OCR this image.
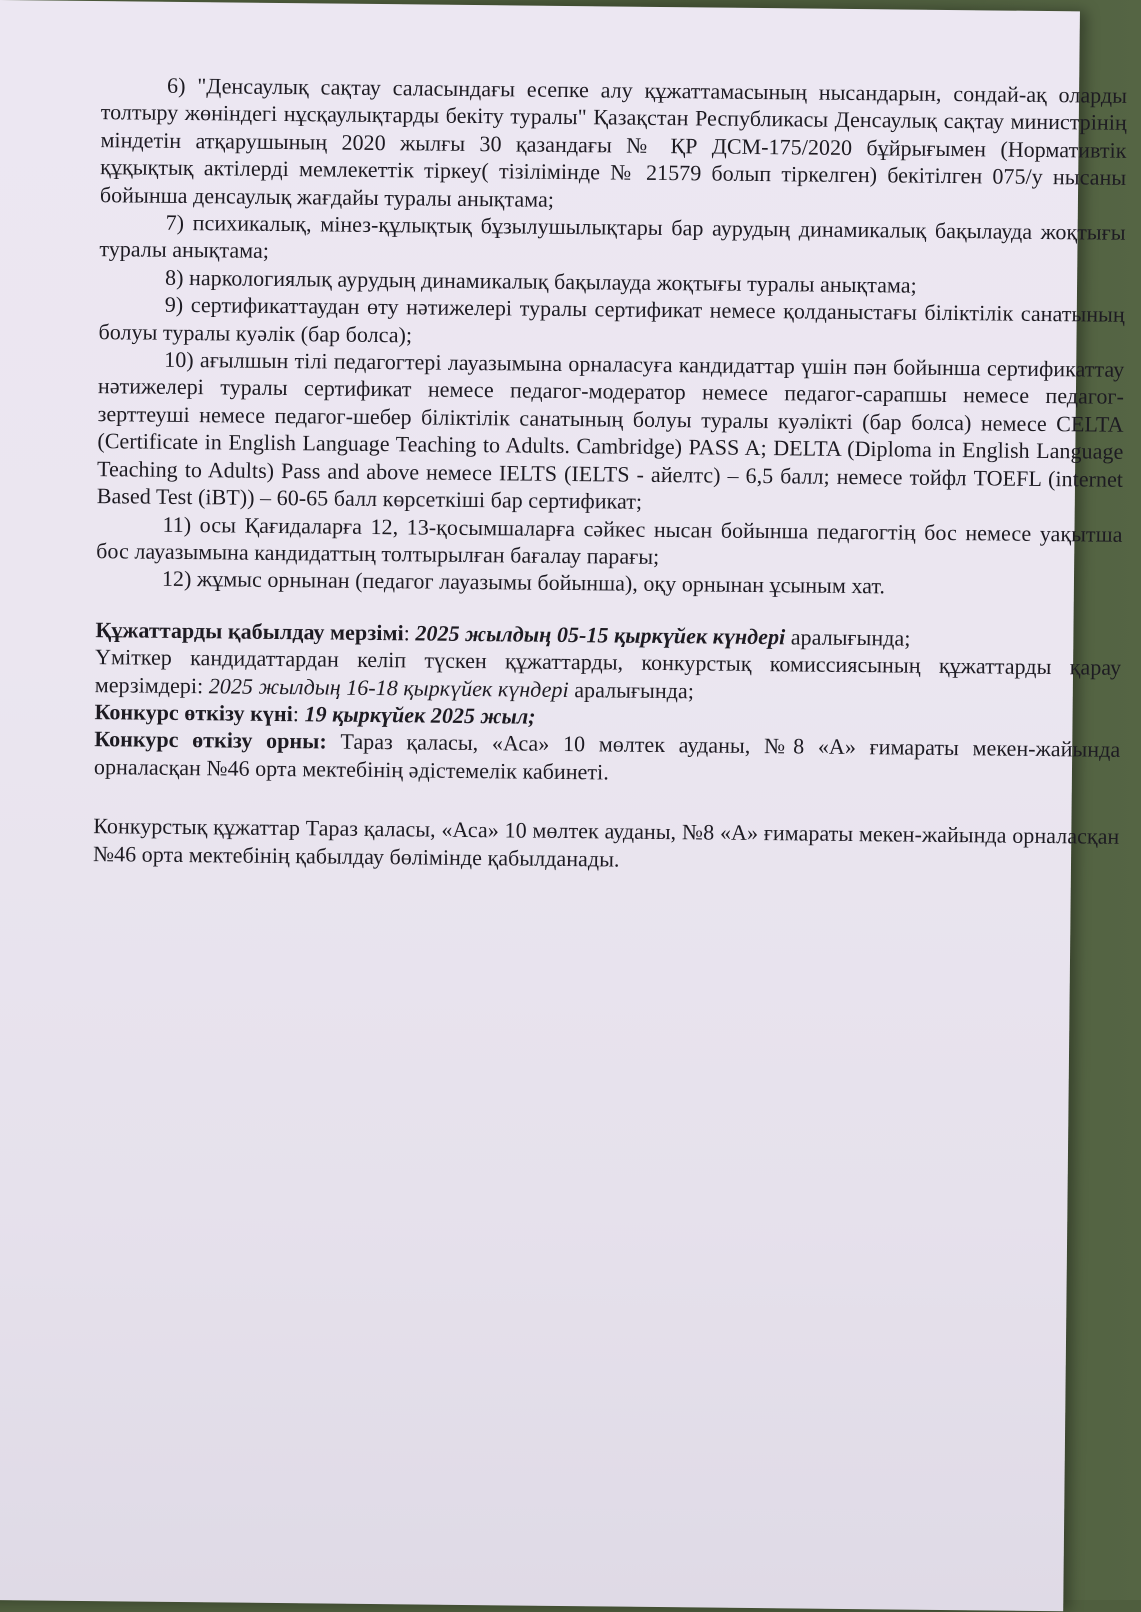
6) "Денсаулық сақтау саласындағы есепке алу құжаттамасының нысандарын, сондай-ақ оларды толтыру жөніндегі нұсқаулықтарды бекіту туралы" Қазақстан Республикасы Денсаулық сақтау министрінің міндетін атқарушының 2020 жылғы 30 қазандағы № ҚР ДСМ-175/2020 бұйрығымен (Нормативтік құқықтық актілерді мемлекеттік тіркеу( тізілімінде № 21579 болып тіркелген) бекітілген 075/у нысаны бойынша денсаулық жағдайы туралы анықтама;

7) психикалық, мінез-құлықтық бұзылушылықтары бар аурудың динамикалық бақылауда жоқтығы туралы анықтама;

8) наркологиялық аурудың динамикалық бақылауда жоқтығы туралы анықтама;

9) сертификаттаудан өту нәтижелері туралы сертификат немесе қолданыстағы біліктілік санатының болуы туралы куәлік (бар болса);

10) ағылшын тілі педагогтері лауазымына орналасуға кандидаттар үшін пән бойынша сертификаттау нәтижелері туралы сертификат немесе педагог-модератор немесе педагог-сарапшы немесе педагог-зерттеуші немесе педагог-шебер біліктілік санатының болуы туралы куәлікті (бар болса) немесе CELTA (Certificate in English Language Teaching to Adults. Cambridge) PASS A; DELTA (Diploma in English Language Teaching to Adults) Pass and above немесе IELTS (IELTS - айелтс) – 6,5 балл; немесе тойфл TOEFL (internet Based Test (iBT)) – 60-65 балл көрсеткіші бар сертификат;

11) осы Қағидаларға 12, 13-қосымшаларға сәйкес нысан бойынша педагогтің бос немесе уақытша бос лауазымына кандидаттың толтырылған бағалау парағы;

12) жұмыс орнынан (педагог лауазымы бойынша), оқу орнынан ұсыным хат.

Құжаттарды қабылдау мерзімі: 2025 жылдың 05-15 қыркүйек күндері аралығында;

Үміткер кандидаттардан келіп түскен құжаттарды, конкурстық комиссиясының құжаттарды қарау мерзімдері: 2025 жылдың 16-18 қыркүйек күндері аралығында;

Конкурс өткізу күні: 19 қыркүйек 2025 жыл;

Конкурс өткізу орны: Тараз қаласы, «Аса» 10 мөлтек ауданы, №8 «А» ғимараты мекен-жайында орналасқан №46 орта мектебінің әдістемелік кабинеті.

Конкурстық құжаттар Тараз қаласы, «Аса» 10 мөлтек ауданы, №8 «А» ғимараты мекен-жайында орналасқан №46 орта мектебінің қабылдау бөлімінде қабылданады.
